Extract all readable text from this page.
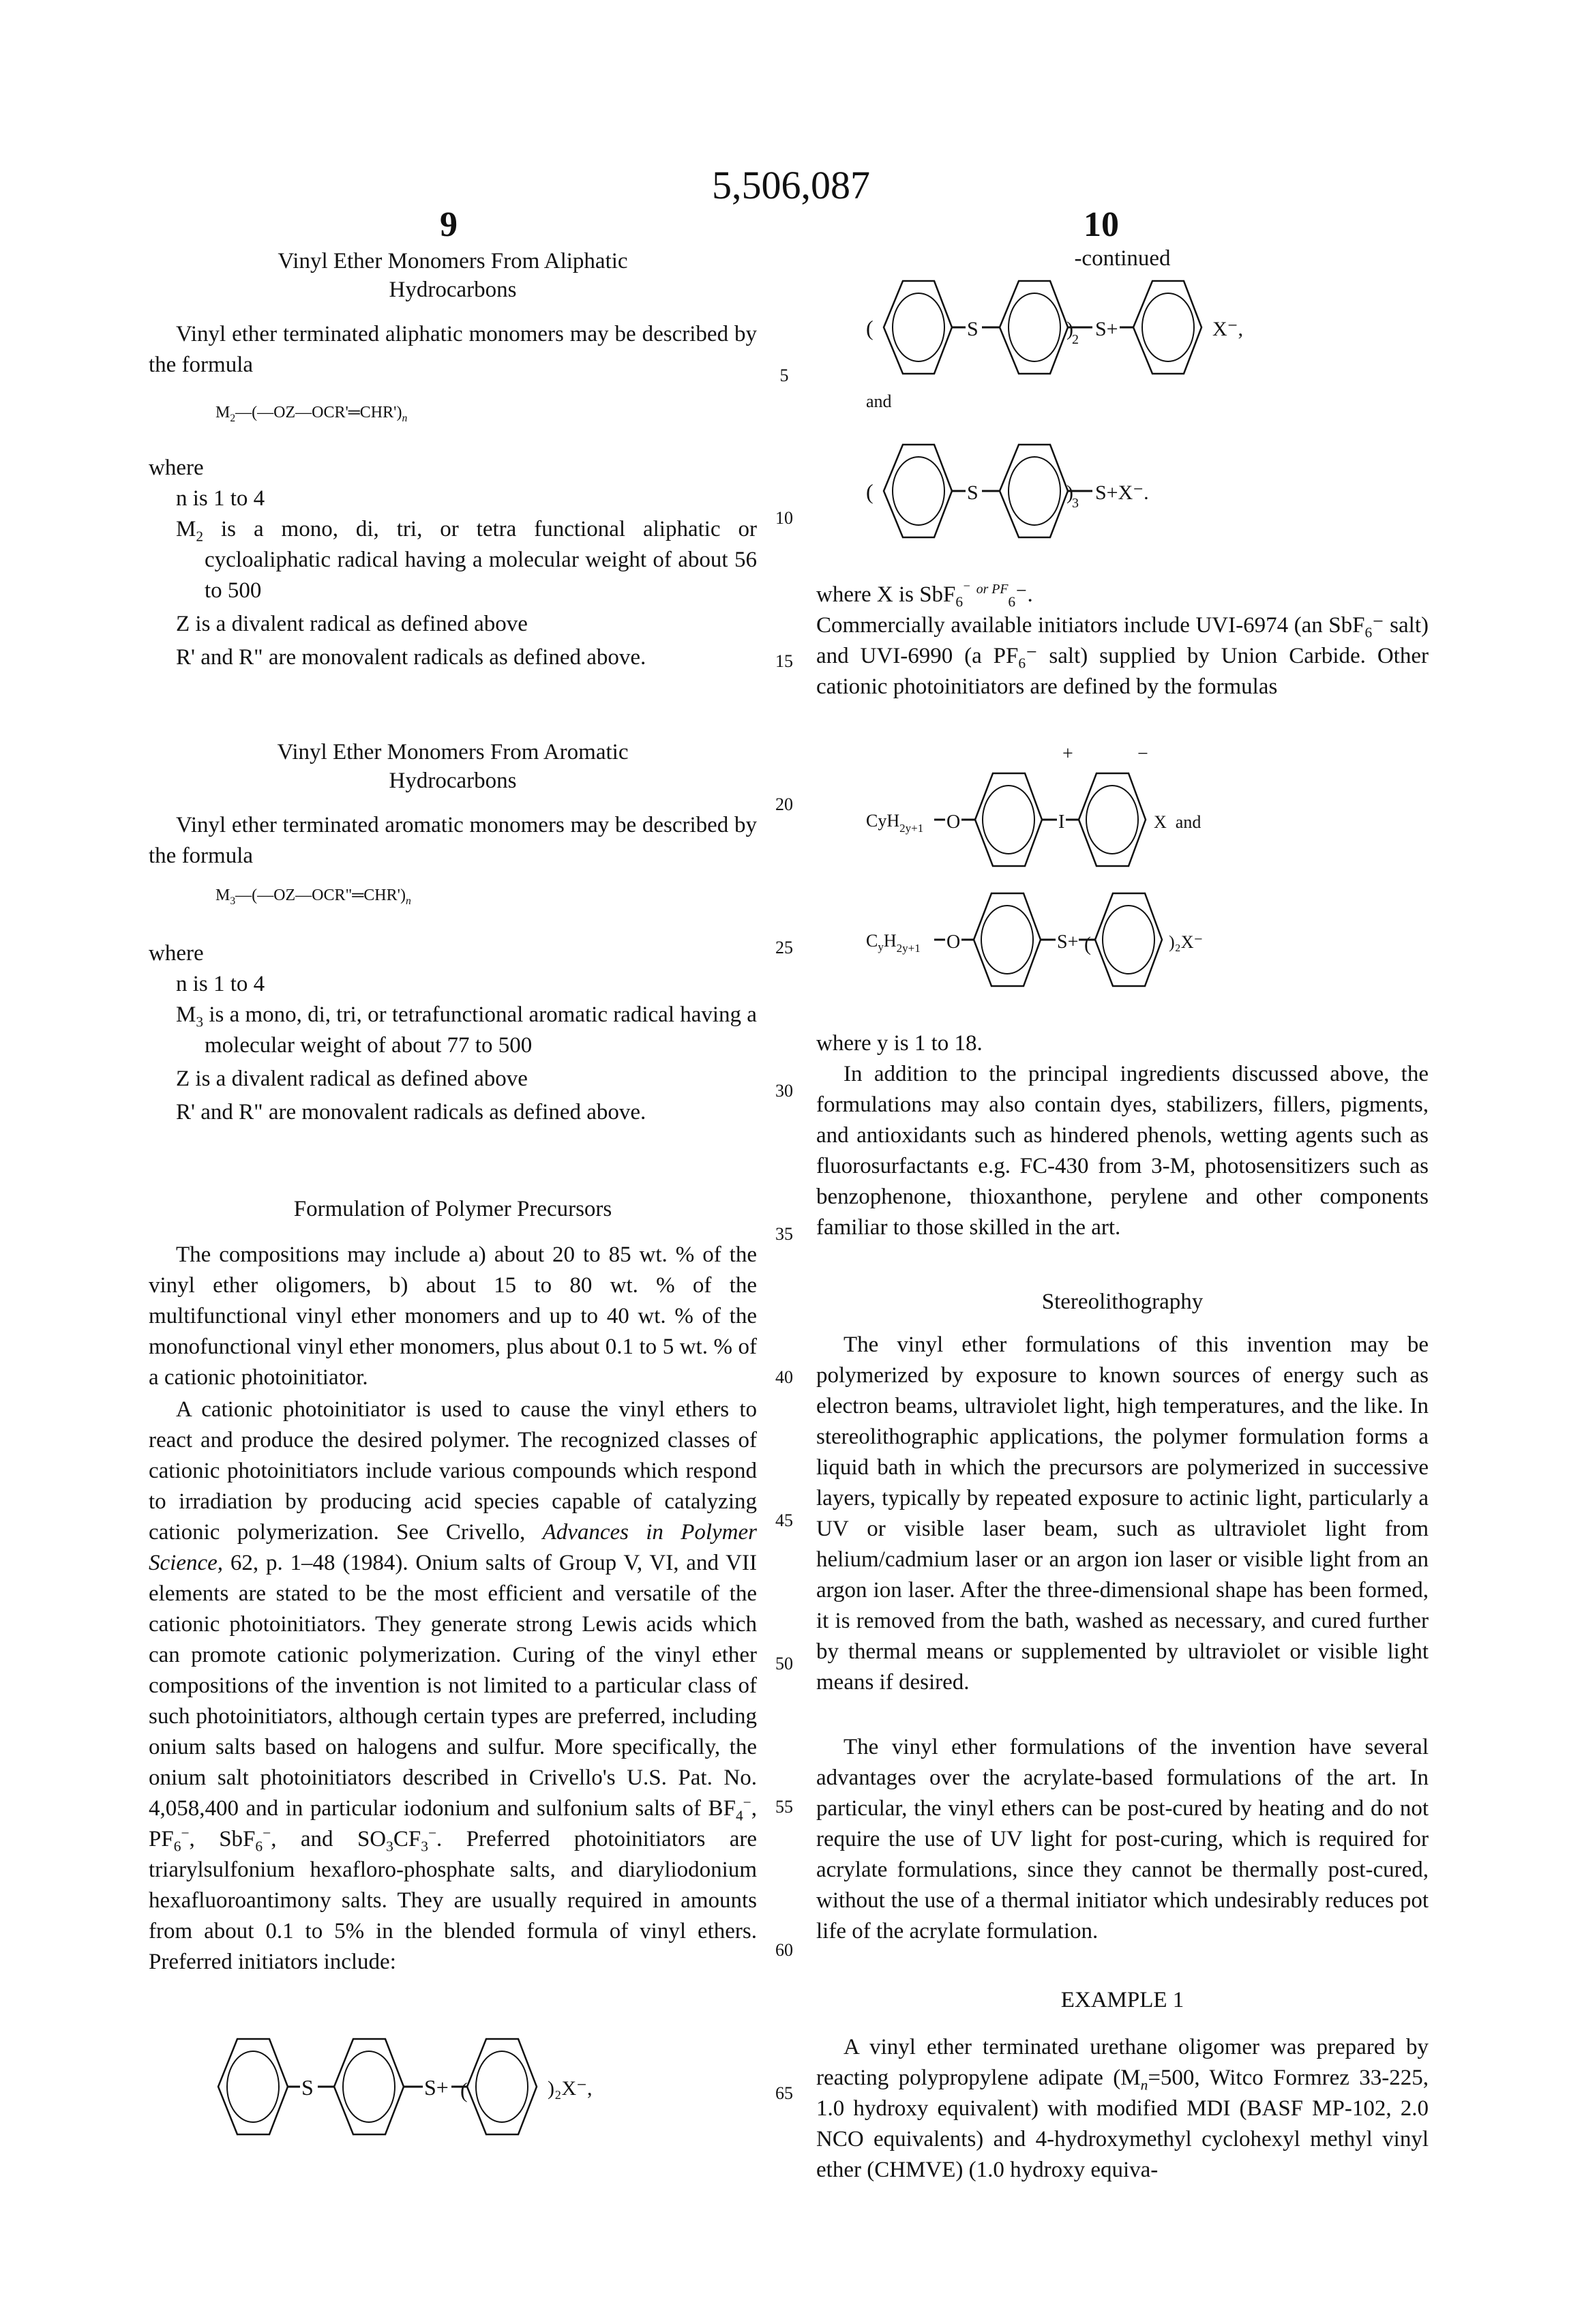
5,506,087
9	10
5
10
15
20
25
30
35
40
45
50
55
60
65
Vinyl Ether Monomers From Aliphatic
Hydrocarbons

Vinyl ether terminated aliphatic monomers may be described by the formula

$M_2—(—OZ—OCR'═CHR')_n$

where

n is 1 to 4

$M_2$ is a mono, di, tri, or tetra functional aliphatic or cycloaliphatic radical having a molecular weight of about 56 to 500

Z is a divalent radical as defined above

R' and R" are monovalent radicals as defined above.

Vinyl Ether Monomers From Aromatic
Hydrocarbons

Vinyl ether terminated aromatic monomers may be described by the formula

$M_3—(—OZ—OCR"═CHR')_n$

where

n is 1 to 4

$M_3$ is a mono, di, tri, or tetrafunctional aromatic radical having a molecular weight of about 77 to 500

Z is a divalent radical as defined above

R' and R" are monovalent radicals as defined above.

Formulation of Polymer Precursors

The compositions may include a) about 20 to 85 wt. % of the vinyl ether oligomers, b) about 15 to 80 wt. % of the multifunctional vinyl ether monomers and up to 40 wt. % of the monofunctional vinyl ether monomers, plus about 0.1 to 5 wt. % of a cationic photoinitiator.

A cationic photoinitiator is used to cause the vinyl ethers to react and produce the desired polymer. The recognized classes of cationic photoinitiators include various compounds which respond to irradiation by producing acid species capable of catalyzing cationic polymerization. See Crivello, Advances in Polymer Science, 62, p. 1–48 (1984). Onium salts of Group V, VI, and VII elements are stated to be the most efficient and versatile of the cationic photoinitiators. They generate strong Lewis acids which can promote cationic polymerization. Curing of the vinyl ether compositions of the invention is not limited to a particular class of such photoinitiators, although certain types are preferred, including onium salts based on halogens and sulfur. More specifically, the onium salt photoinitiators described in Crivello's U.S. Pat. No. 4,058,400 and in particular iodonium and sulfonium salts of $BF_4^-$, $PF_6^-$, SbF$_6$−, and $SO_3CF_3^-$. Preferred photoinitiators are triarylsulfonium hexafloro-phosphate salts, and diaryliodonium hexafluoroantimony salts. They are usually required in amounts from about 0.1 to 5% in the blended formula of vinyl ethers. Preferred initiators include:

S	S+ (	)₂X⁻,
-continued
(	S	)
2 S+	X⁻,
and
(	S	)
3 S+X⁻.
where X is SbF$_6$⁻ $^{or PF}_6$⁻.

Commercially available initiators include UVI-6974 (an SbF$_6$⁻ salt) and UVI-6990 (a $PF_6^-$ salt) supplied by Union Carbide. Other cationic photoinitiators are defined by the formulas

+	−
CyH$_{2y+1}$ O	I	X  and
$C_yH_{2y+1}$ O	S+ (	)₂X⁻
where y is 1 to 18.

In addition to the principal ingredients discussed above, the formulations may also contain dyes, stabilizers, fillers, pigments, and antioxidants such as hindered phenols, wetting agents such as fluorosurfactants e.g. FC-430 from 3-M, photosensitizers such as benzophenone, thioxanthone, perylene and other components familiar to those skilled in the art.

Stereolithography

The vinyl ether formulations of this invention may be polymerized by exposure to known sources of energy such as electron beams, ultraviolet light, high temperatures, and the like. In stereolithographic applications, the polymer formulation forms a liquid bath in which the precursors are polymerized in successive layers, typically by repeated exposure to actinic light, particularly a UV or visible laser beam, such as ultraviolet light from helium/cadmium laser or an argon ion laser or visible light from an argon ion laser. After the three-dimensional shape has been formed, it is removed from the bath, washed as necessary, and cured further by thermal means or supplemented by ultraviolet or visible light means if desired.

The vinyl ether formulations of the invention have several advantages over the acrylate-based formulations of the art. In particular, the vinyl ethers can be post-cured by heating and do not require the use of UV light for post-curing, which is required for acrylate formulations, since they cannot be thermally post-cured, without the use of a thermal initiator which undesirably reduces pot life of the acrylate formulation.

EXAMPLE 1

A vinyl ether terminated urethane oligomer was prepared by reacting polypropylene adipate ($M_n=500$, Witco Formrez 33-225, 1.0 hydroxy equivalent) with modified MDI (BASF MP-102, 2.0 NCO equivalents) and 4-hydroxymethyl cyclohexyl methyl vinyl ether (CHMVE) (1.0 hydroxy equiva-
